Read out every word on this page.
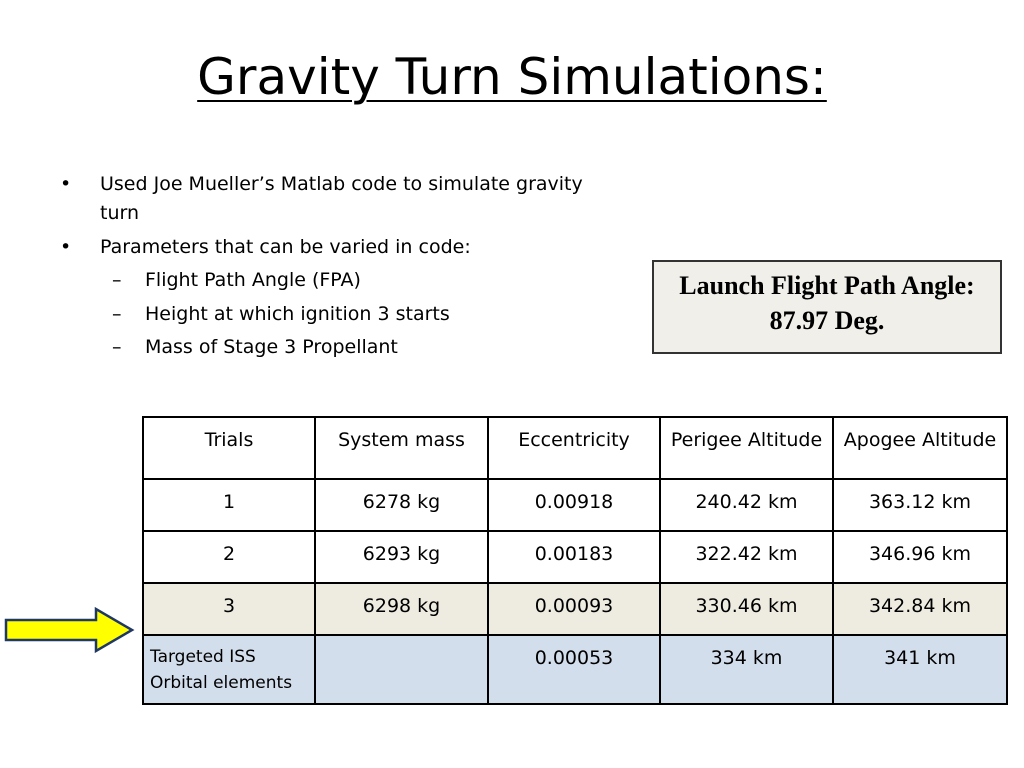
Gravity Turn Simulations:
• Used Joe Mueller’s Matlab code to simulate gravity turn
• Parameters that can be varied in code:
– Flight Path Angle (FPA)
– Height at which ignition 3 starts
– Mass of Stage 3 Propellant
Launch Flight Path Angle:
87.97 Deg.
Trials	System mass	Eccentricity	Perigee Altitude	Apogee Altitude
1	6278 kg	0.00918	240.42 km	363.12 km
2	6293 kg	0.00183	322.42 km	346.96 km
3	6298 kg	0.00093	330.46 km	342.84 km
Targeted ISS Orbital elements		0.00053	334 km	341 km
